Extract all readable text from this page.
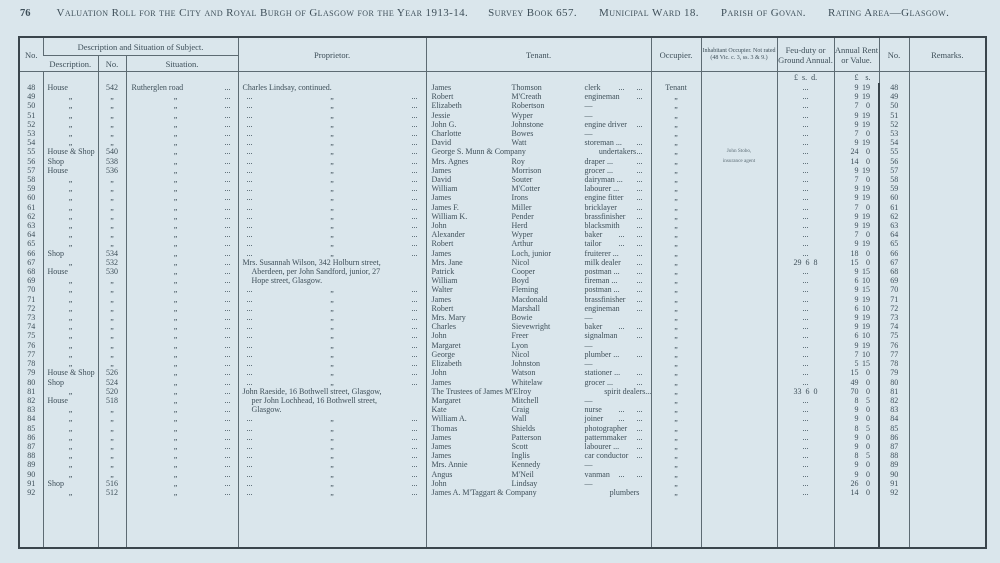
76 Valuation Roll for the City and Royal Burgh of Glasgow for the Year 1913-14. Survey Book 657. Municipal Ward 18. Parish of Govan. Rating Area—Glasgow.
No.	Description and Situation of Subject.			Proprietor.	Tenant.	Occupier.	Inhabitant Occupier. Not rated (48 Vic. c. 3, ss. 3 & 9.)	Feu-duty or Ground Annual.	Annual Rent or Value.	No.	Remarks.
	Description.	No.	Situation.								
								£  s.  d.	£ s.		

48	House	542	Rutherglen road ...	Charles Lindsay, continued.	James Thomson clerk ...      ...	Tenant		...	9 19	48	
49	„	„	„ ...	... „ ...	Robert M'Creath engineman ...	„		...	9 19	49	
50	„	„	„ ...	... „ ...	Elizabeth Robertson —	„		...	7 0	50	
51	„	„	„ ...	... „ ...	Jessie Wyper —	„		...	9 19	51	
52	„	„	„ ...	... „ ...	John G. Johnstone engine driver ...	„		...	9 19	52	
53	„	„	„ ...	... „ ...	Charlotte Bowes —	„		...	7 0	53	
54	„	„	„ ...	... „ ...	David Watt storeman ... ...	„		...	9 19	54	
55	House & Shop	540	„ ...	... „ ...	George S. Munn & Company undertakers ...	„	John Stobo,	...	24 0	55	
56	Shop	538	„ ...	... „ ...	Mrs. Agnes Roy draper ... ...	„	insurance agent	...	14 0	56	
57	House	536	„ ...	... „ ...	James Morrison grocer ... ...	„		...	9 19	57	
58	„	„	„ ...	... „ ...	David Souter dairyman ... ...	„		...	7 0	58	
59	„	„	„ ...	... „ ...	William M'Cotter labourer ... ...	„		...	9 19	59	
60	„	„	„ ...	... „ ...	James Irons engine fitter ...	„		...	9 19	60	
61	„	„	„ ...	... „ ...	James F. Miller bricklayer ...	„		...	7 0	61	
62	„	„	„ ...	... „ ...	William K. Pender brassfinisher ...	„		...	9 19	62	
63	„	„	„ ...	... „ ...	John Herd blacksmith ...	„		...	9 19	63	
64	„	„	„ ...	... „ ...	Alexander Wyper baker ...      ...	„		...	7 0	64	
65	„	„	„ ...	... „ ...	Robert Arthur tailor ...      ...	„		...	9 19	65	
66	Shop	534	„ ...	... „ ...	James Loch, junior fruiterer ... ...	„		...	18 0	66	
67	„	532	„ ...	Mrs. Susannah Wilson, 342 Holburn street,	Mrs. Jane Nicol milk dealer ...	„		29  6  8	15 0	67	
68	House	530	„ ...	Aberdeen, per John Sandford, junior, 27	Patrick Cooper postman ... ...	„		...	9 15	68	
69	„	„	„ ...	Hope street, Glasgow.	William Boyd fireman ... ...	„		...	6 10	69	
70	„	„	„ ...	... „ ...	Walter Fleming postman ... ...	„		...	9 15	70	
71	„	„	„ ...	... „ ...	James Macdonald brassfinisher ...	„		...	9 19	71	
72	„	„	„ ...	... „ ...	Robert Marshall engineman ...	„		...	6 10	72	
73	„	„	„ ...	... „ ...	Mrs. Mary Bowie —	„		...	9 19	73	
74	„	„	„ ...	... „ ...	Charles Sievewright baker ...      ...	„		...	9 19	74	
75	„	„	„ ...	... „ ...	John Freer signalman ...	„		...	6 10	75	
76	„	„	„ ...	... „ ...	Margaret Lyon —	„		...	9 19	76	
77	„	„	„ ...	... „ ...	George Nicol plumber ... ...	„		...	7 10	77	
78	„	„	„ ...	... „ ...	Elizabeth Johnston —	„		...	5 15	78	
79	House & Shop	526	„ ...	... „ ...	John Watson stationer ... ...	„		...	15 0	79	
80	Shop	524	„ ...	... „ ...	James Whitelaw grocer ... ...	„		...	49 0	80	
81	„	520	„ ...	John Raeside, 16 Bothwell street, Glasgow,	The Trustees of James M'Elroy spirit dealers ...	„		33  6  0	70 0	81	
82	House	518	„ ...	per John Lochhead, 16 Bothwell street,	Margaret Mitchell —	„		...	8 5	82	
83	„	„	„ ...	Glasgow.	Kate Craig nurse ...      ...	„		...	9 0	83	
84	„	„	„ ...	... „ ...	William A. Wall joiner ...      ...	„		...	9 0	84	
85	„	„	„ ...	... „ ...	Thomas Shields photographer ...	„		...	8 5	85	
86	„	„	„ ...	... „ ...	James Patterson patternmaker ...	„		...	9 0	86	
87	„	„	„ ...	... „ ...	James Scott labourer ... ...	„		...	9 0	87	
88	„	„	„ ...	... „ ...	James Inglis car conductor ...	„		...	8 5	88	
89	„	„	„ ...	... „ ...	Mrs. Annie Kennedy —	„		...	9 0	89	
90	„	„	„ ...	... „ ...	Angus M'Neil vanman ...      ...	„		...	9 0	90	
91	Shop	516	„ ...	... „ ...	John Lindsay —	„		...	26 0	91	
92	„	512	„ ...	... „ ...	James A. M'Taggart & Company plumbers	„		...	14 0	92	
